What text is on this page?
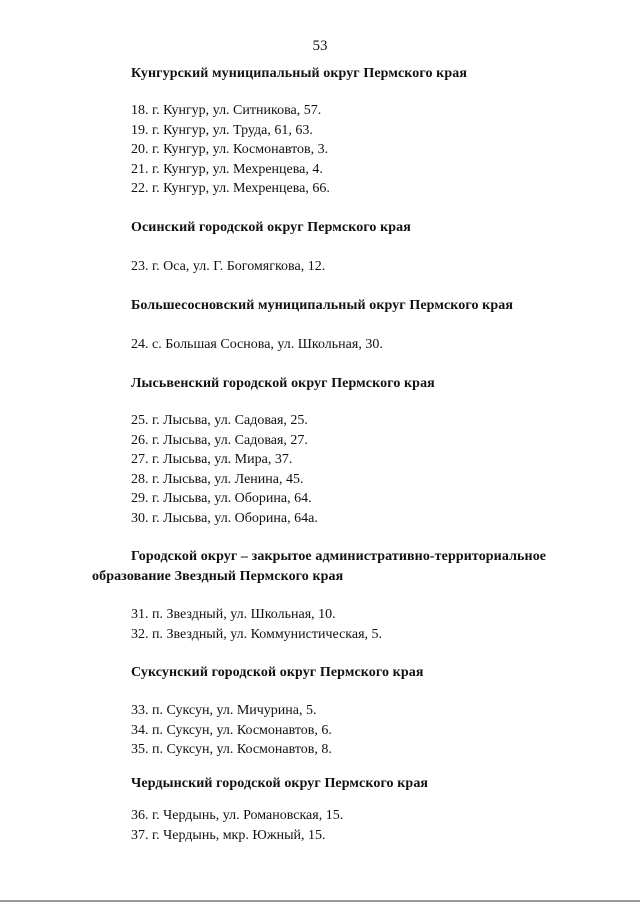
53
Кунгурский муниципальный округ Пермского края
18. г. Кунгур, ул. Ситникова, 57.
19. г. Кунгур, ул. Труда, 61, 63.
20. г. Кунгур, ул. Космонавтов, 3.
21. г. Кунгур, ул. Мехренцева, 4.
22. г. Кунгур, ул. Мехренцева, 66.
Осинский городской округ Пермского края
23. г. Оса, ул. Г. Богомягкова, 12.
Большесосновский муниципальный округ Пермского края
24. с. Большая Соснова, ул. Школьная, 30.
Лысьвенский городской округ Пермского края
25. г. Лысьва, ул. Садовая, 25.
26. г. Лысьва, ул. Садовая, 27.
27. г. Лысьва, ул. Мира, 37.
28. г. Лысьва, ул. Ленина, 45.
29. г. Лысьва, ул. Оборина, 64.
30. г. Лысьва, ул. Оборина, 64а.
Городской округ – закрытое административно-территориальное
образование Звездный Пермского края
31. п. Звездный, ул. Школьная, 10.
32. п. Звездный, ул. Коммунистическая, 5.
Суксунский городской округ Пермского края
33. п. Суксун, ул. Мичурина, 5.
34. п. Суксун, ул. Космонавтов, 6.
35. п. Суксун, ул. Космонавтов, 8.
Чердынский городской округ Пермского края
36. г. Чердынь, ул. Романовская, 15.
37. г. Чердынь, мкр. Южный, 15.
